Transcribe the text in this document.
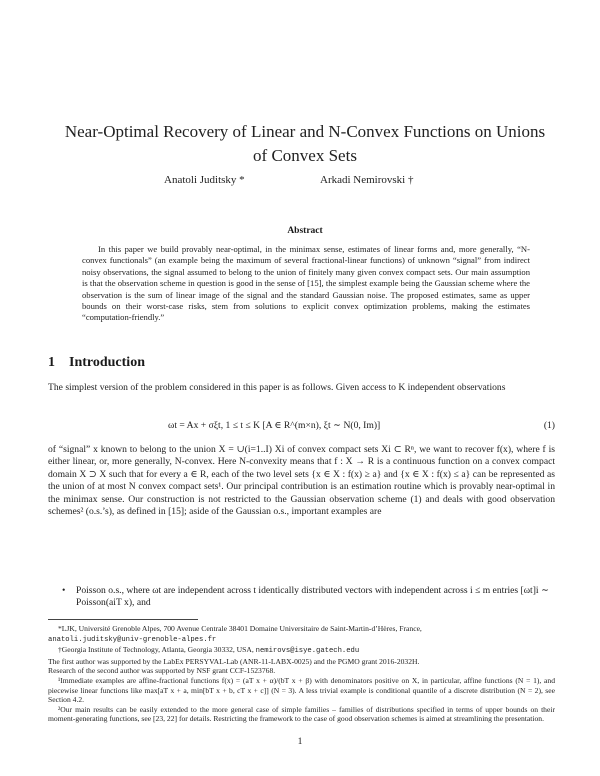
Near-Optimal Recovery of Linear and N-Convex Functions on Unions
of Convex Sets
Anatoli Juditsky *	Arkadi Nemirovski †
Abstract

In this paper we build provably near-optimal, in the minimax sense, estimates of linear forms and, more generally, “N-convex functionals” (an example being the maximum of several fractional-linear functions) of unknown “signal” from indirect noisy observations, the signal assumed to belong to the union of finitely many given convex compact sets. Our main assumption is that the observation scheme in question is good in the sense of [15], the simplest example being the Gaussian scheme where the observation is the sum of linear image of the signal and the standard Gaussian noise. The proposed estimates, same as upper bounds on their worst-case risks, stem from solutions to explicit convex optimization problems, making the estimates “computation-friendly.”

1 Introduction
The simplest version of the problem considered in this paper is as follows. Given access to K independent observations
ωt = Ax + σξt, 1 ≤ t ≤ K [A ∈ R^(m×n), ξt ∼ N(0, Im)]	(1)
of “signal” x known to belong to the union X = ∪(i=1..I) Xi of convex compact sets Xi ⊂ Rⁿ, we want to recover f(x), where f is either linear, or, more generally, N-convex. Here N-convexity means that f : X → R is a continuous function on a convex compact domain X ⊃ X such that for every a ∈ R, each of the two level sets {x ∈ X : f(x) ≥ a} and {x ∈ X : f(x) ≤ a} can be represented as the union of at most N convex compact sets¹. Our principal contribution is an estimation routine which is provably near-optimal in the minimax sense. Our construction is not restricted to the Gaussian observation scheme (1) and deals with good observation schemes² (o.s.’s), as defined in [15]; aside of the Gaussian o.s., important examples are
• Poisson o.s., where ωt are independent across t identically distributed vectors with independent across i ≤ m entries [ωt]i ∼ Poisson(aiT x), and

*LJK, Université Grenoble Alpes, 700 Avenue Centrale 38401 Domaine Universitaire de Saint-Martin-d’Hères, France,

anatoli.juditsky@univ-grenoble-alpes.fr

†Georgia Institute of Technology, Atlanta, Georgia 30332, USA, nemirovs@isye.gatech.edu

The first author was supported by the LabEx PERSYVAL-Lab (ANR-11-LABX-0025) and the PGMO grant 2016-2032H.

Research of the second author was supported by NSF grant CCF-1523768.

¹Immediate examples are affine-fractional functions f(x) = (aT x + α)/(bT x + β) with denominators positive on X, in particular, affine functions (N = 1), and piecewise linear functions like max[aT x + a, min[bT x + b, cT x + c]] (N = 3). A less trivial example is conditional quantile of a discrete distribution (N = 2), see Section 4.2.

²Our main results can be easily extended to the more general case of simple families – families of distributions specified in terms of upper bounds on their moment-generating functions, see [23, 22] for details. Restricting the framework to the case of good observation schemes is aimed at streamlining the presentation.

1
